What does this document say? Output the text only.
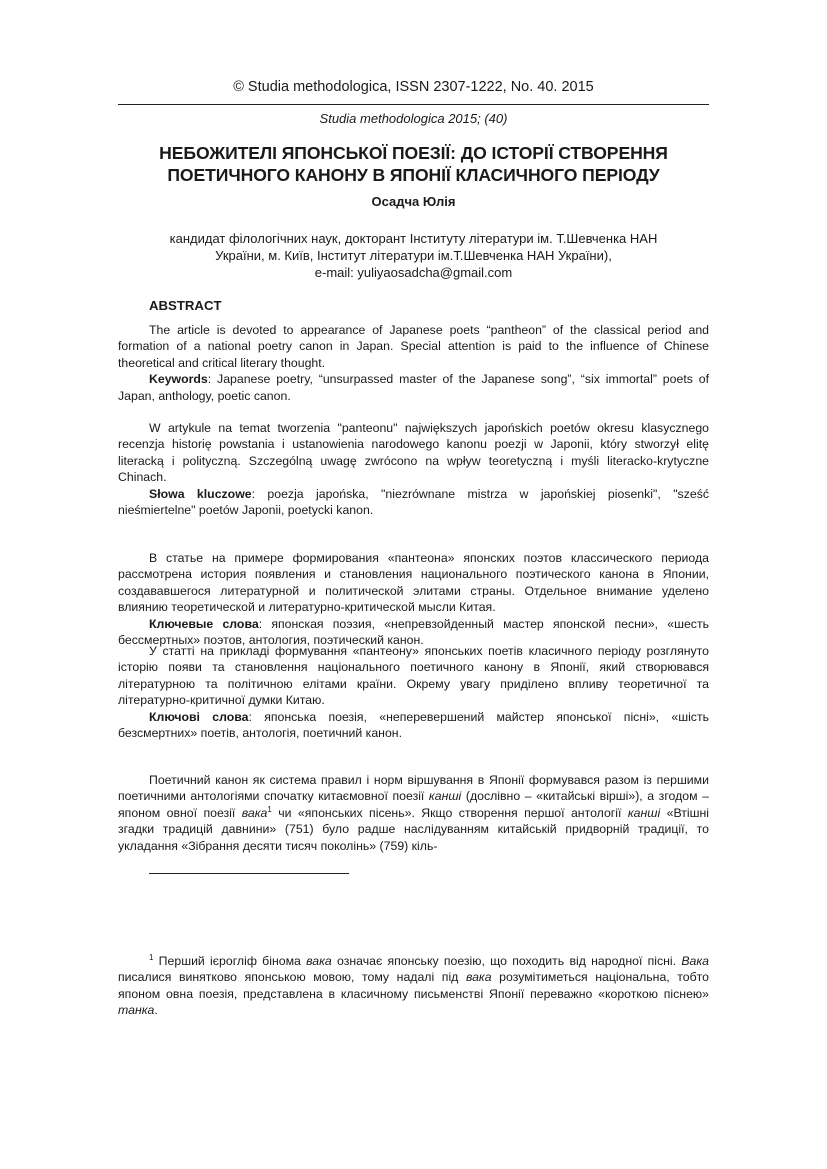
© Studia methodologica, ISSN 2307-1222, No. 40. 2015
Studia methodologica 2015; (40)
НЕБОЖИТЕЛІ ЯПОНСЬКОЇ ПОЕЗІЇ: ДО ІСТОРІЇ СТВОРЕННЯ
ПОЕТИЧНОГО КАНОНУ В ЯПОНІЇ КЛАСИЧНОГО ПЕРІОДУ
Осадча Юлія
кандидат філологічних наук, докторант Інституту літератури ім. Т.Шевченка НАН
України, м. Київ, Інститут літератури ім.Т.Шевченка НАН України),
e-mail: yuliyaosadcha@gmail.com
ABSTRACT

The article is devoted to appearance of Japanese poets “pantheon” of the classical period and formation of a national poetry canon in Japan. Special attention is paid to the influence of Chinese theoretical and critical literary thought.

Keywords: Japanese poetry, “unsurpassed master of the Japanese song”, “six immortal” poets of Japan, anthology, poetic canon.

W artykule na temat tworzenia "panteonu" największych japońskich poetów okresu klasycznego recenzja historię powstania i ustanowienia narodowego kanonu poezji w Japonii, który stworzył elitę literacką i polityczną. Szczególną uwagę zwrócono na wpływ teoretyczną i myśli literacko-krytyczne Chinach.

Słowa kluczowe: poezja japońska, "niezrównane mistrza w japońskiej piosenki", "sześć nieśmiertelne" poetów Japonii, poetycki kanon.

В статье на примере формирования «пантеона» японских поэтов классического периода рассмотрена история появления и становления национального поэтического канона в Японии, создававшегося литературной и политической элитами страны. Отдельное внимание уделено влиянию теоретической и литературно-критической мысли Китая.

Ключевые слова: японская поэзия, «непревзойденный мастер японской песни», «шесть бессмертных» поэтов, антология, поэтический канон.

У статті на прикладі формування «пантеону» японських поетів класичного періоду розглянуто історію появи та становлення національного поетичного канону в Японії, який створювався літературною та політичною елітами країни. Окрему увагу приділено впливу теоретичної та літературно-критичної думки Китаю.

Ключові слова: японська поезія, «неперевершений майстер японської пісні», «шість безсмертних» поетів, антологія, поетичний канон.

Поетичний канон як система правил і норм віршування в Японії формувався разом із першими поетичними антологіями спочатку китаємовної поезії канші (дослівно – «китайські вірші»), а згодом – японом овної поезії вака$^1$ чи «японських пісень». Якщо створення першої антології канші «Втішні згадки традицій давнини» (751) було радше наслідуванням китайській придворній традиції, то укладання «Зібрання десяти тисяч поколінь» (759) кіль-

$^1$ Перший ієрогліф бінома вака означає японську поезію, що походить від народної пісні. Вака писалися винятково японською мовою, тому надалі під вака розумітиметься національна, тобто японом овна поезія, представлена в класичному письменстві Японії переважно «короткою піснею» танка.
